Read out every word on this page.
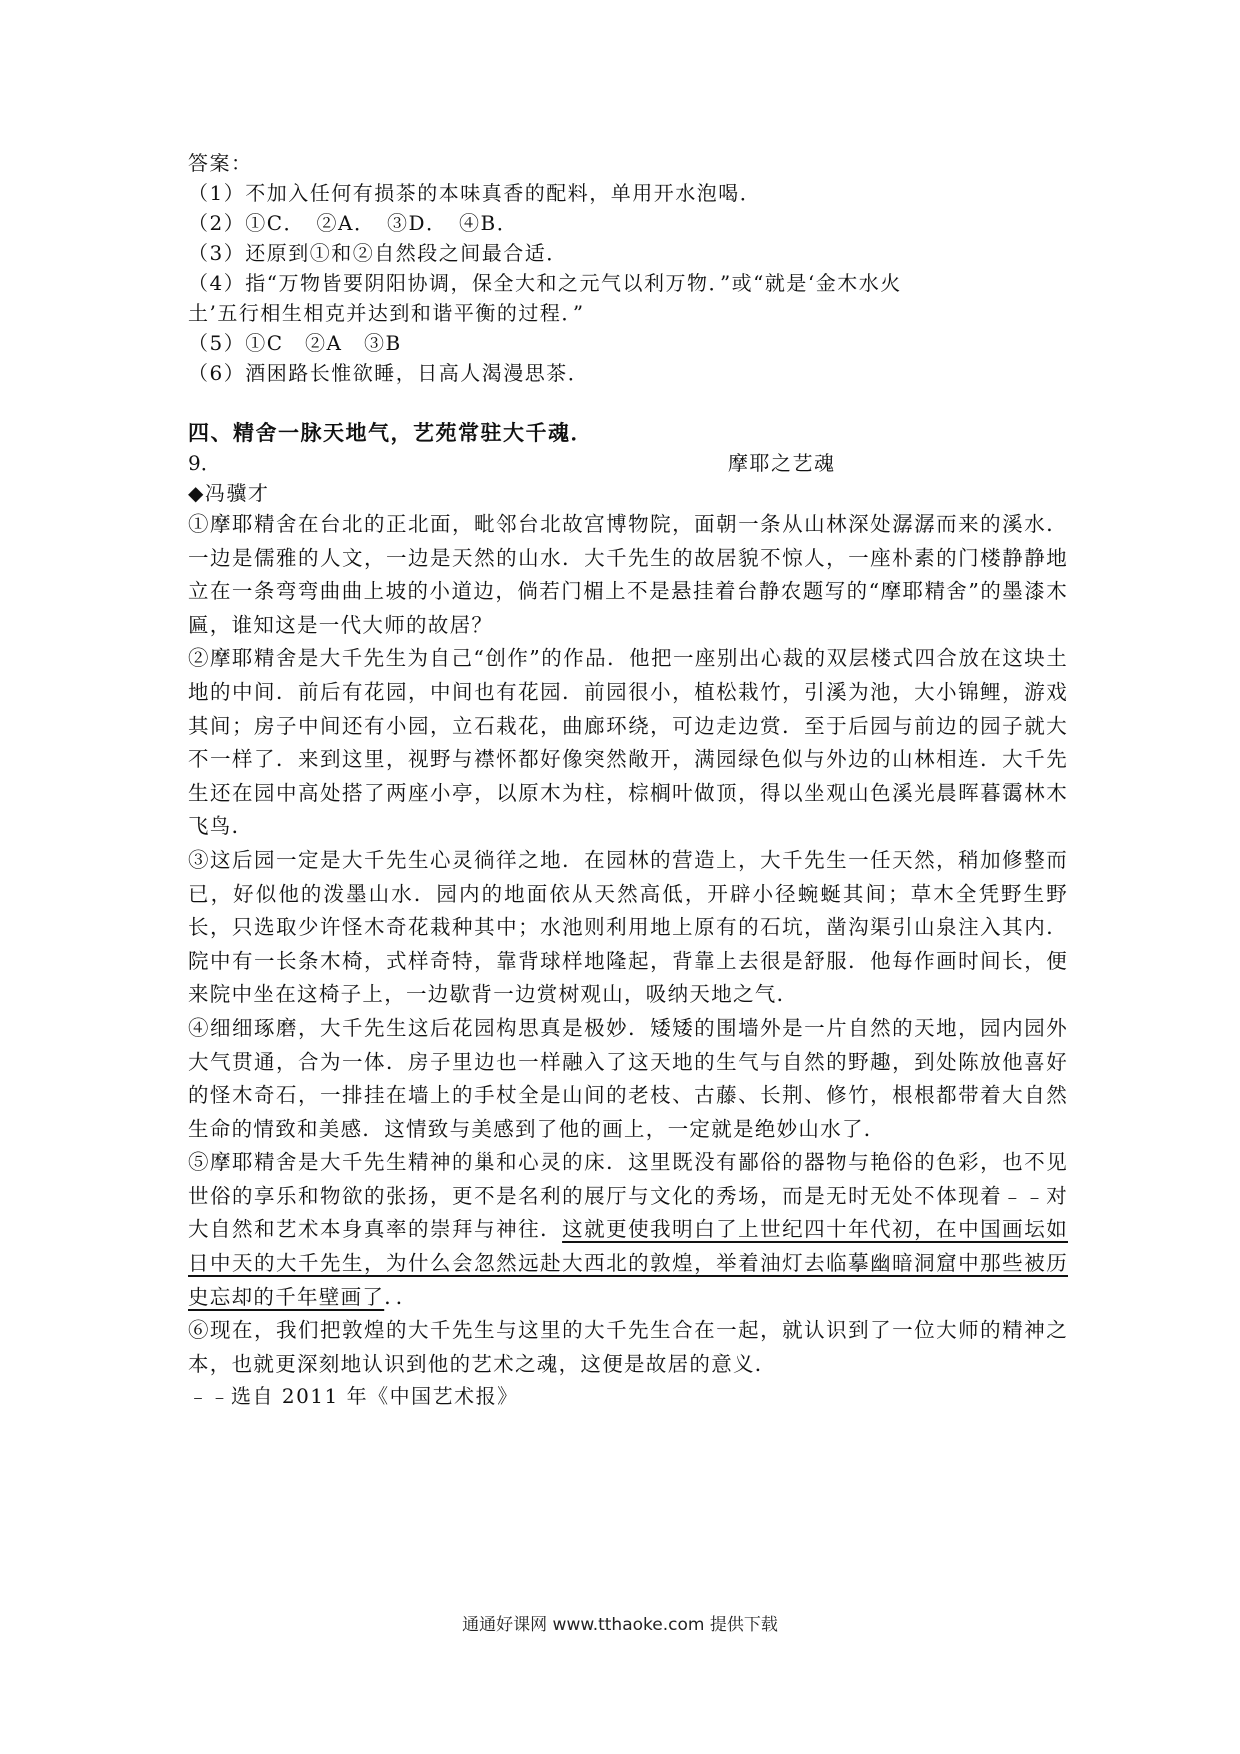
答案：

（1）不加入任何有损茶的本味真香的配料，单用开水泡喝．

（2）①C．　②A．　③D．　④B．

（3）还原到①和②自然段之间最合适．

（4）指“万物皆要阴阳协调，保全大和之元气以利万物．”或“就是‘金木水火

土’五行相生相克并达到和谐平衡的过程．”

（5）①C　②A　③B

（6）酒困路长惟欲睡，日高人渴漫思茶．

四、精舍一脉天地气，艺苑常驻大千魂．
9．	摩耶之艺魂
◆冯骥才

①摩耶精舍在台北的正北面，毗邻台北故宫博物院，面朝一条从山林深处潺潺而来的溪水．一边是儒雅的人文，一边是天然的山水．大千先生的故居貌不惊人，一座朴素的门楼静静地立在一条弯弯曲曲上坡的小道边，倘若门楣上不是悬挂着台静农题写的“摩耶精舍”的墨漆木匾，谁知这是一代大师的故居？

②摩耶精舍是大千先生为自己“创作”的作品．他把一座别出心裁的双层楼式四合放在这块土地的中间．前后有花园，中间也有花园．前园很小，植松栽竹，引溪为池，大小锦鲤，游戏其间；房子中间还有小园，立石栽花，曲廊环绕，可边走边赏．至于后园与前边的园子就大不一样了．来到这里，视野与襟怀都好像突然敞开，满园绿色似与外边的山林相连．大千先生还在园中高处搭了两座小亭，以原木为柱，棕榈叶做顶，得以坐观山色溪光晨晖暮霭林木飞鸟．

③这后园一定是大千先生心灵徜徉之地．在园林的营造上，大千先生一任天然，稍加修整而已，好似他的泼墨山水．园内的地面依从天然高低，开辟小径蜿蜒其间；草木全凭野生野长，只选取少许怪木奇花栽种其中；水池则利用地上原有的石坑，凿沟渠引山泉注入其内．院中有一长条木椅，式样奇特，靠背球样地隆起，背靠上去很是舒服．他每作画时间长，便来院中坐在这椅子上，一边歇背一边赏树观山，吸纳天地之气．

④细细琢磨，大千先生这后花园构思真是极妙．矮矮的围墙外是一片自然的天地，园内园外大气贯通，合为一体．房子里边也一样融入了这天地的生气与自然的野趣，到处陈放他喜好的怪木奇石，一排挂在墙上的手杖全是山间的老枝、古藤、长荆、修竹，根根都带着大自然生命的情致和美感．这情致与美感到了他的画上，一定就是绝妙山水了．

⑤摩耶精舍是大千先生精神的巢和心灵的床．这里既没有鄙俗的器物与艳俗的色彩，也不见世俗的享乐和物欲的张扬，更不是名利的展厅与文化的秀场，而是无时无处不体现着﹣﹣对大自然和艺术本身真率的崇拜与神往．这就更使我明白了上世纪四十年代初，在中国画坛如日中天的大千先生，为什么会忽然远赴大西北的敦煌，举着油灯去临摹幽暗洞窟中那些被历史忘却的千年壁画了．．

⑥现在，我们把敦煌的大千先生与这里的大千先生合在一起，就认识到了一位大师的精神之本，也就更深刻地认识到他的艺术之魂，这便是故居的意义．

﹣﹣选自 2011 年《中国艺术报》
通通好课网 www.tthaoke.com 提供下载
